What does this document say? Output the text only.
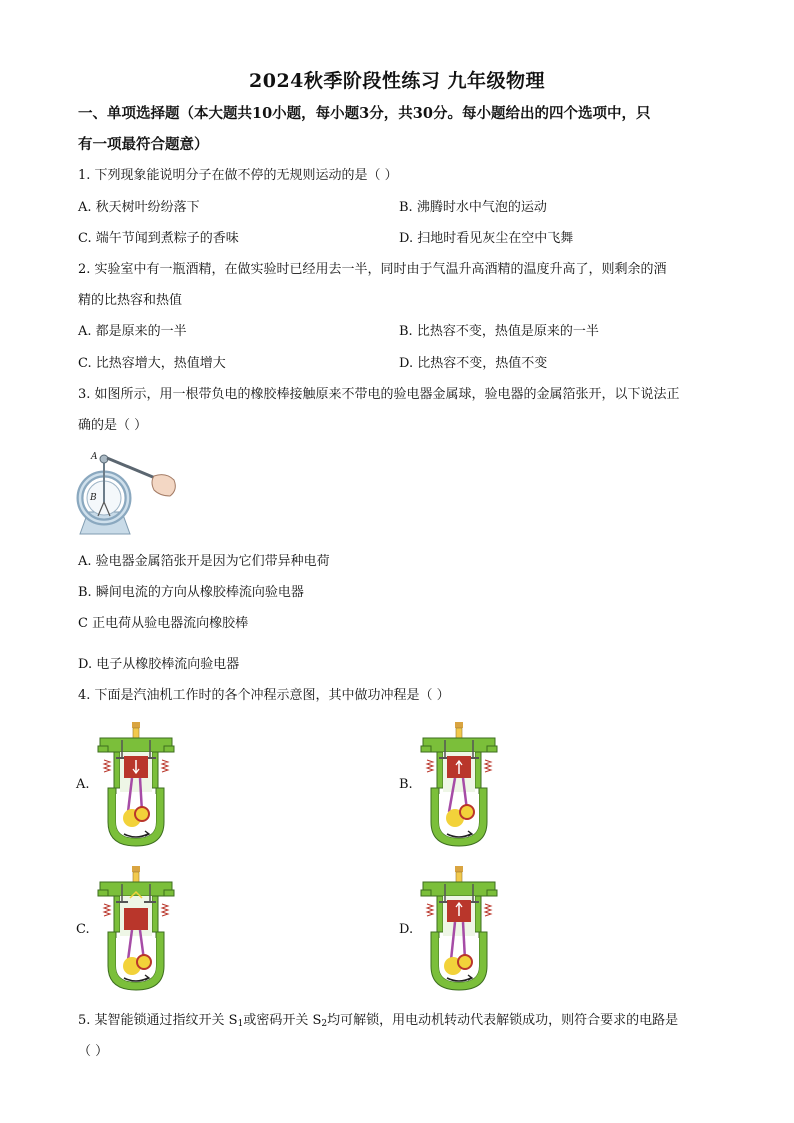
2024秋季阶段性练习 九年级物理
一、单项选择题（本大题共10小题，每小题3分，共30分。每小题给出的四个选项中，只
有一项最符合题意）
1. 下列现象能说明分子在做不停的无规则运动的是（ ）
A. 秋天树叶纷纷落下	B. 沸腾时水中气泡的运动
C. 端午节闻到煮粽子的香味	D. 扫地时看见灰尘在空中飞舞
2. 实验室中有一瓶酒精，在做实验时已经用去一半，同时由于气温升高酒精的温度升高了，则剩余的酒
精的比热容和热值
A. 都是原来的一半	B. 比热容不变，热值是原来的一半
C. 比热容增大，热值增大	D. 比热容不变，热值不变
3. 如图所示，用一根带负电的橡胶棒接触原来不带电的验电器金属球，验电器的金属箔张开，以下说法正
确的是（ ）
A
B
A. 验电器金属箔张开是因为它们带异种电荷
B. 瞬间电流的方向从橡胶棒流向验电器
C 正电荷从验电器流向橡胶棒
D. 电子从橡胶棒流向验电器
4. 下面是汽油机工作时的各个冲程示意图，其中做功冲程是（ ）
A.	B.
C.	D.
5. 某智能锁通过指纹开关 $S_1$或密码开关 $S_2$均可解锁，用电动机转动代表解锁成功，则符合要求的电路是
（ ）
